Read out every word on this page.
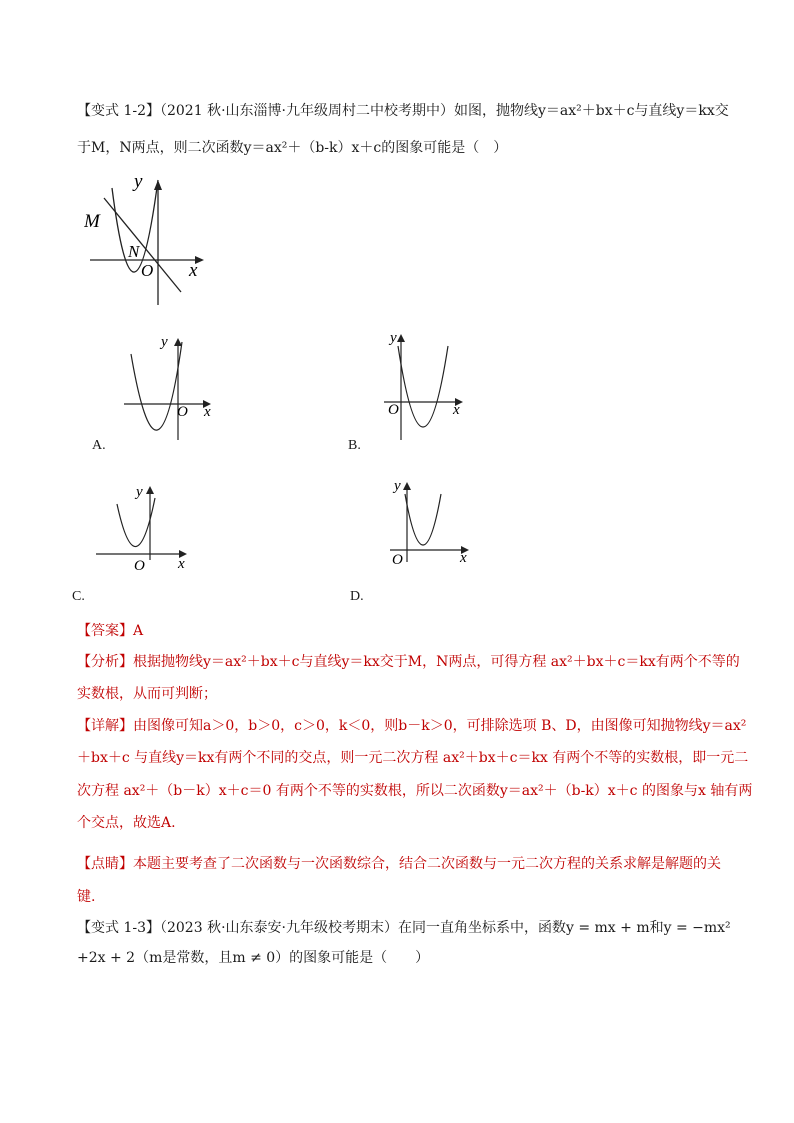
【变式 1-2】（2021 秋·山东淄博·九年级周村二中校考期中）如图，抛物线y＝ax²＋bx＋c与直线y＝kx交
于M，N两点，则二次函数y＝ax²＋（b-k）x＋c的图象可能是（　）
y
x
O
M
N
y
x
O
A.
y
x
O
B.
y
x
O
C.
y
x
O
D.
【答案】A
【分析】根据抛物线y＝ax²＋bx＋c与直线y＝kx交于M，N两点，可得方程 ax²＋bx＋c＝kx有两个不等的
实数根，从而可判断；
【详解】由图像可知a＞0，b＞0，c＞0，k＜0，则b－k＞0，可排除选项 B、D，由图像可知抛物线y＝ax²
＋bx＋c 与直线y＝kx有两个不同的交点，则一元二次方程 ax²＋bx＋c＝kx 有两个不等的实数根，即一元二
次方程 ax²＋（b－k）x＋c＝0 有两个不等的实数根，所以二次函数y＝ax²＋（b-k）x＋c 的图象与x 轴有两
个交点，故选A.
【点睛】本题主要考查了二次函数与一次函数综合，结合二次函数与一元二次方程的关系求解是解题的关
键.
【变式 1-3】（2023 秋·山东泰安·九年级校考期末）在同一直角坐标系中，函数y = mx + m和y = −mx²
+2x + 2（m是常数，且m ≠ 0）的图象可能是（　　）
